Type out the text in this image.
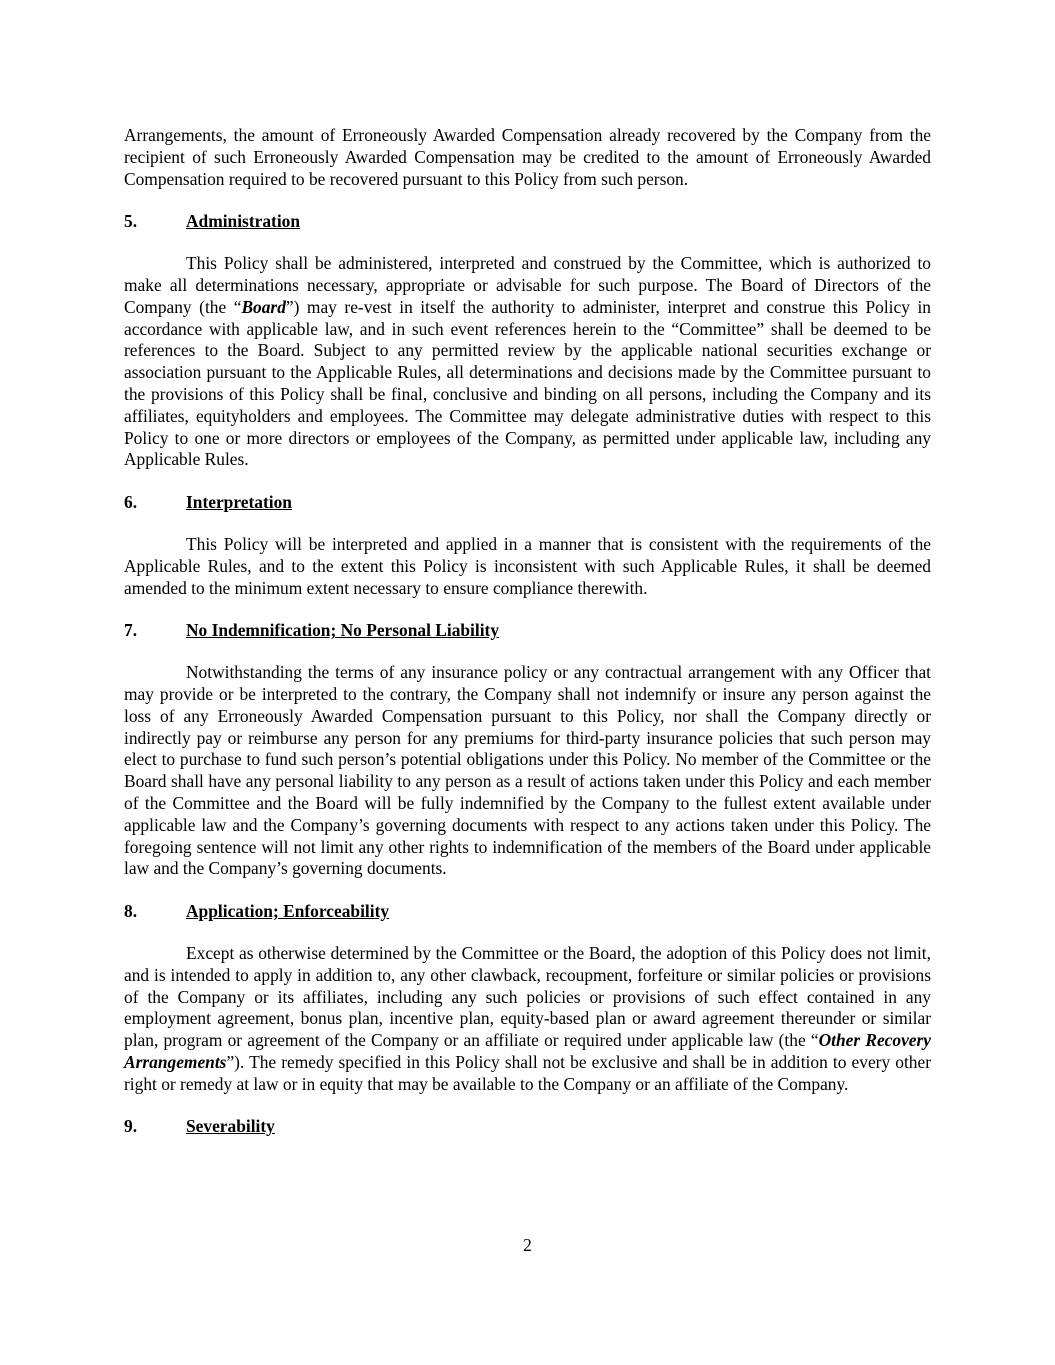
Arrangements, the amount of Erroneously Awarded Compensation already recovered by the Company from the recipient of such Erroneously Awarded Compensation may be credited to the amount of Erroneously Awarded Compensation required to be recovered pursuant to this Policy from such person.

5.	Administration

This Policy shall be administered, interpreted and construed by the Committee, which is authorized to make all determinations necessary, appropriate or advisable for such purpose. The Board of Directors of the Company (the “Board”) may re-vest in itself the authority to administer, interpret and construe this Policy in accordance with applicable law, and in such event references herein to the “Committee” shall be deemed to be references to the Board. Subject to any permitted review by the applicable national securities exchange or association pursuant to the Applicable Rules, all determinations and decisions made by the Committee pursuant to the provisions of this Policy shall be final, conclusive and binding on all persons, including the Company and its affiliates, equityholders and employees. The Committee may delegate administrative duties with respect to this Policy to one or more directors or employees of the Company, as permitted under applicable law, including any Applicable Rules.

6.	Interpretation

This Policy will be interpreted and applied in a manner that is consistent with the requirements of the Applicable Rules, and to the extent this Policy is inconsistent with such Applicable Rules, it shall be deemed amended to the minimum extent necessary to ensure compliance therewith.

7.	No Indemnification; No Personal Liability

Notwithstanding the terms of any insurance policy or any contractual arrangement with any Officer that may provide or be interpreted to the contrary, the Company shall not indemnify or insure any person against the loss of any Erroneously Awarded Compensation pursuant to this Policy, nor shall the Company directly or indirectly pay or reimburse any person for any premiums for third-party insurance policies that such person may elect to purchase to fund such person’s potential obligations under this Policy. No member of the Committee or the Board shall have any personal liability to any person as a result of actions taken under this Policy and each member of the Committee and the Board will be fully indemnified by the Company to the fullest extent available under applicable law and the Company’s governing documents with respect to any actions taken under this Policy. The foregoing sentence will not limit any other rights to indemnification of the members of the Board under applicable law and the Company’s governing documents.

8.	Application; Enforceability

Except as otherwise determined by the Committee or the Board, the adoption of this Policy does not limit, and is intended to apply in addition to, any other clawback, recoupment, forfeiture or similar policies or provisions of the Company or its affiliates, including any such policies or provisions of such effect contained in any employment agreement, bonus plan, incentive plan, equity-based plan or award agreement thereunder or similar plan, program or agreement of the Company or an affiliate or required under applicable law (the “Other Recovery Arrangements”). The remedy specified in this Policy shall not be exclusive and shall be in addition to every other right or remedy at law or in equity that may be available to the Company or an affiliate of the Company.

9.	Severability
2
